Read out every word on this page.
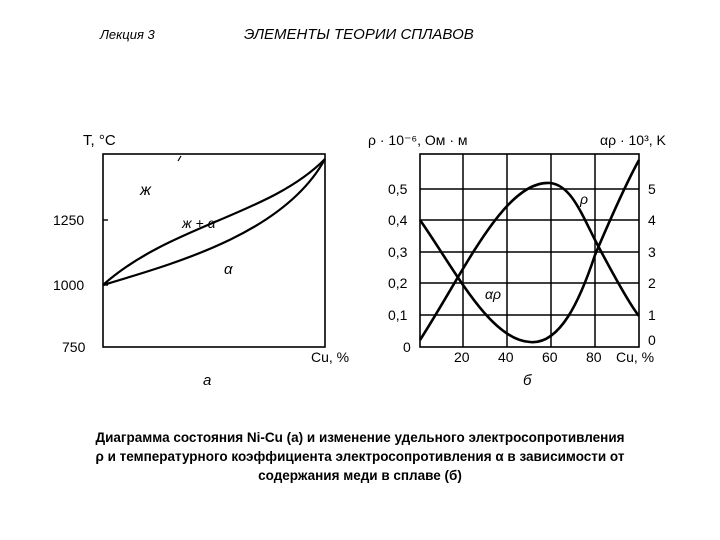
Лекция 3	ЭЛЕМЕНТЫ ТЕОРИИ СПЛАВОВ
T, °C
1250
1000
750
ж
ж + α
α
Cu, %
а
ρ · 10⁻⁶, Ом · м	αρ · 10³, K
0,5
0,4
0,3
0,2
0,1
0
5
4
3
2
1
0
20 40 60 80 Cu, %
ρ
αρ
б
Диаграмма состояния Ni-Cu (а) и изменение удельного электросопротивления
ρ и температурного коэффициента электросопротивления α в зависимости от
содержания меди в сплаве (б)
